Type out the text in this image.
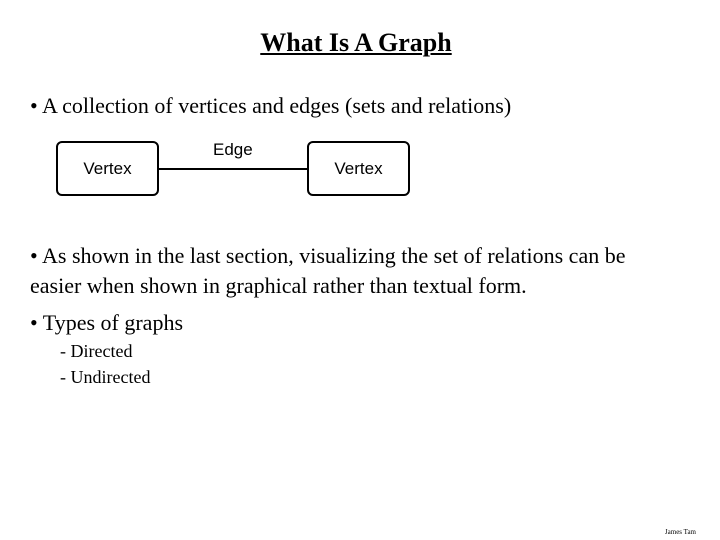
What Is A Graph
• A collection of vertices and edges (sets and relations)
Vertex
Edge
Vertex
• As shown in the last section, visualizing the set of relations can be easier when shown in graphical rather than textual form.
• Types of graphs
- Directed
- Undirected
James Tam
